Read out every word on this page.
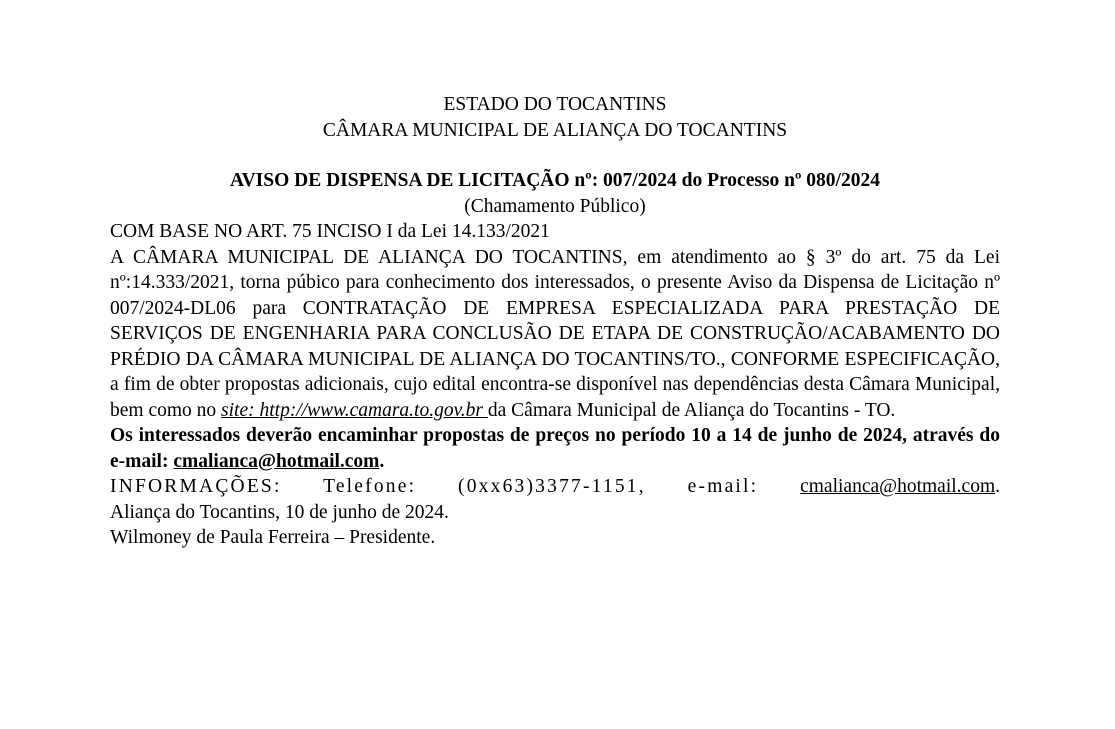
ESTADO DO TOCANTINS
CÂMARA MUNICIPAL DE ALIANÇA DO TOCANTINS
AVISO DE DISPENSA DE LICITAÇÃO nº: 007/2024 do Processo nº 080/2024
(Chamamento Público)
COM BASE NO ART. 75 INCISO I da Lei 14.133/2021

A CÂMARA MUNICIPAL DE ALIANÇA DO TOCANTINS, em atendimento ao § 3º do art. 75 da Lei nº:14.333/2021, torna púbico para conhecimento dos interessados, o presente Aviso da Dispensa de Licitação nº 007/2024-DL06 para CONTRATAÇÃO DE EMPRESA ESPECIALIZADA PARA PRESTAÇÃO DE SERVIÇOS DE ENGENHARIA PARA CONCLUSÃO DE ETAPA DE CONSTRUÇÃO/ACABAMENTO DO PRÉDIO DA CÂMARA MUNICIPAL DE ALIANÇA DO TOCANTINS/TO., CONFORME ESPECIFICAÇÃO, a fim de obter propostas adicionais, cujo edital encontra-se disponível nas dependências desta Câmara Municipal, bem como no site: http://www.camara.to.gov.br da Câmara Municipal de Aliança do Tocantins - TO.

Os interessados deverão encaminhar propostas de preços no período 10 a 14 de junho de 2024, através do e-mail: cmalianca@hotmail.com.

INFORMAÇÕES: Telefone: (0xx63)3377-1151, e-mail: cmalianca@hotmail.com.

Aliança do Tocantins, 10 de junho de 2024.
Wilmoney de Paula Ferreira – Presidente.
